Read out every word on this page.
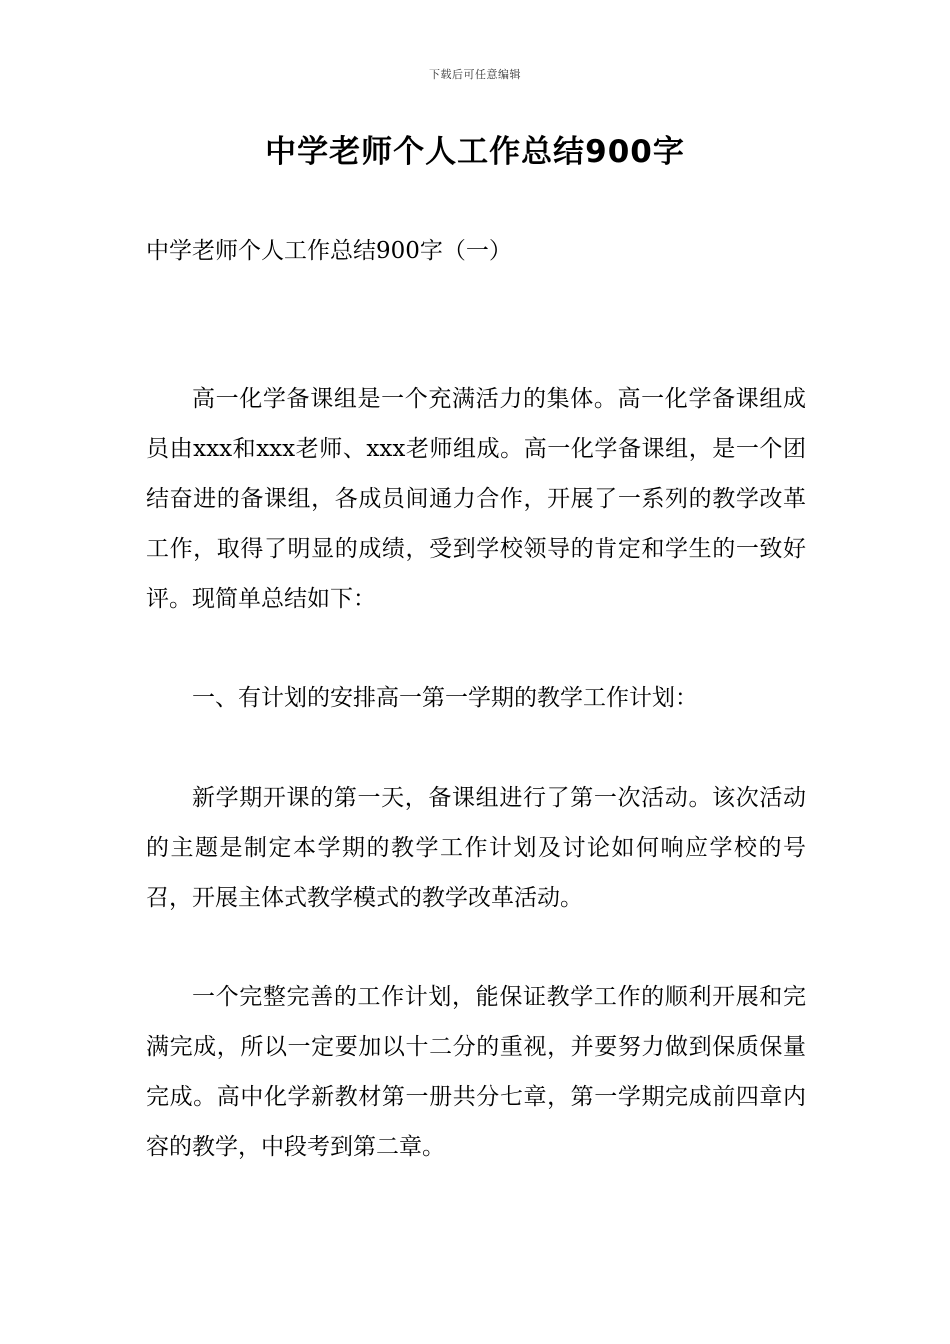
下载后可任意编辑
中学老师个人工作总结900字

中学老师个人工作总结900字（一）

高一化学备课组是一个充满活力的集体。高一化学备课组成员由xxx和xxx老师、xxx老师组成。高一化学备课组，是一个团结奋进的备课组，各成员间通力合作，开展了一系列的教学改革工作，取得了明显的成绩，受到学校领导的肯定和学生的一致好评。现简单总结如下：

一、有计划的安排高一第一学期的教学工作计划：

新学期开课的第一天，备课组进行了第一次活动。该次活动的主题是制定本学期的教学工作计划及讨论如何响应学校的号召，开展主体式教学模式的教学改革活动。

一个完整完善的工作计划，能保证教学工作的顺利开展和完满完成，所以一定要加以十二分的重视，并要努力做到保质保量完成。高中化学新教材第一册共分七章，第一学期完成前四章内容的教学，中段考到第二章。
